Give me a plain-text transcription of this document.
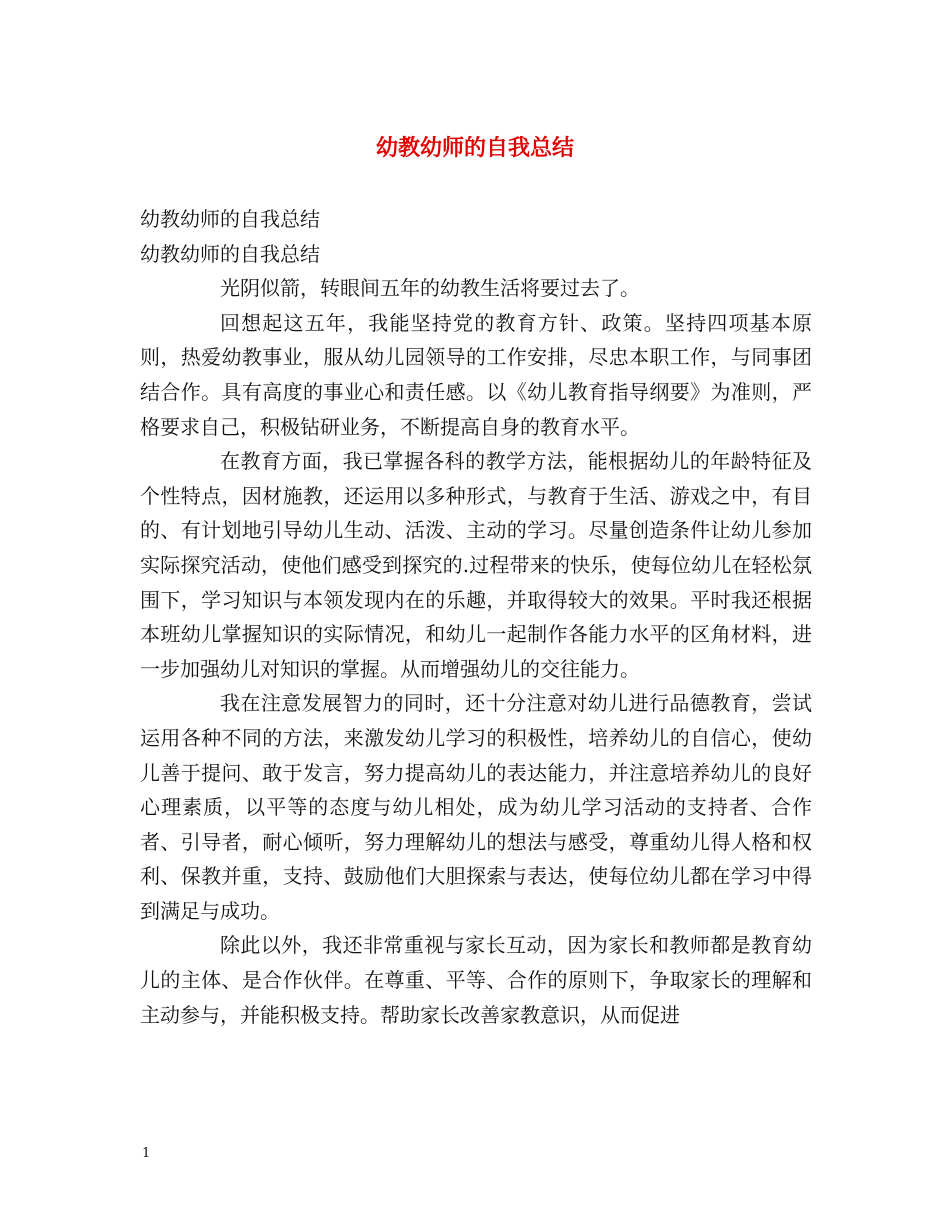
幼教幼师的自我总结

幼教幼师的自我总结

幼教幼师的自我总结

光阴似箭，转眼间五年的幼教生活将要过去了。

回想起这五年，我能坚持党的教育方针、政策。坚持四项基本原则，热爱幼教事业，服从幼儿园领导的工作安排，尽忠本职工作，与同事团结合作。具有高度的事业心和责任感。以《幼儿教育指导纲要》为准则，严格要求自己，积极钻研业务，不断提高自身的教育水平。

在教育方面，我已掌握各科的教学方法，能根据幼儿的年龄特征及个性特点，因材施教，还运用以多种形式，与教育于生活、游戏之中，有目的、有计划地引导幼儿生动、活泼、主动的学习。尽量创造条件让幼儿参加实际探究活动，使他们感受到探究的.过程带来的快乐，使每位幼儿在轻松氛围下，学习知识与本领发现内在的乐趣，并取得较大的效果。平时我还根据本班幼儿掌握知识的实际情况，和幼儿一起制作各能力水平的区角材料，进一步加强幼儿对知识的掌握。从而增强幼儿的交往能力。

我在注意发展智力的同时，还十分注意对幼儿进行品德教育，尝试运用各种不同的方法，来激发幼儿学习的积极性，培养幼儿的自信心，使幼儿善于提问、敢于发言，努力提高幼儿的表达能力，并注意培养幼儿的良好心理素质，以平等的态度与幼儿相处，成为幼儿学习活动的支持者、合作者、引导者，耐心倾听，努力理解幼儿的想法与感受，尊重幼儿得人格和权利、保教并重，支持、鼓励他们大胆探索与表达，使每位幼儿都在学习中得到满足与成功。

除此以外，我还非常重视与家长互动，因为家长和教师都是教育幼儿的主体、是合作伙伴。在尊重、平等、合作的原则下，争取家长的理解和主动参与，并能积极支持。帮助家长改善家教意识，从而促进

1
